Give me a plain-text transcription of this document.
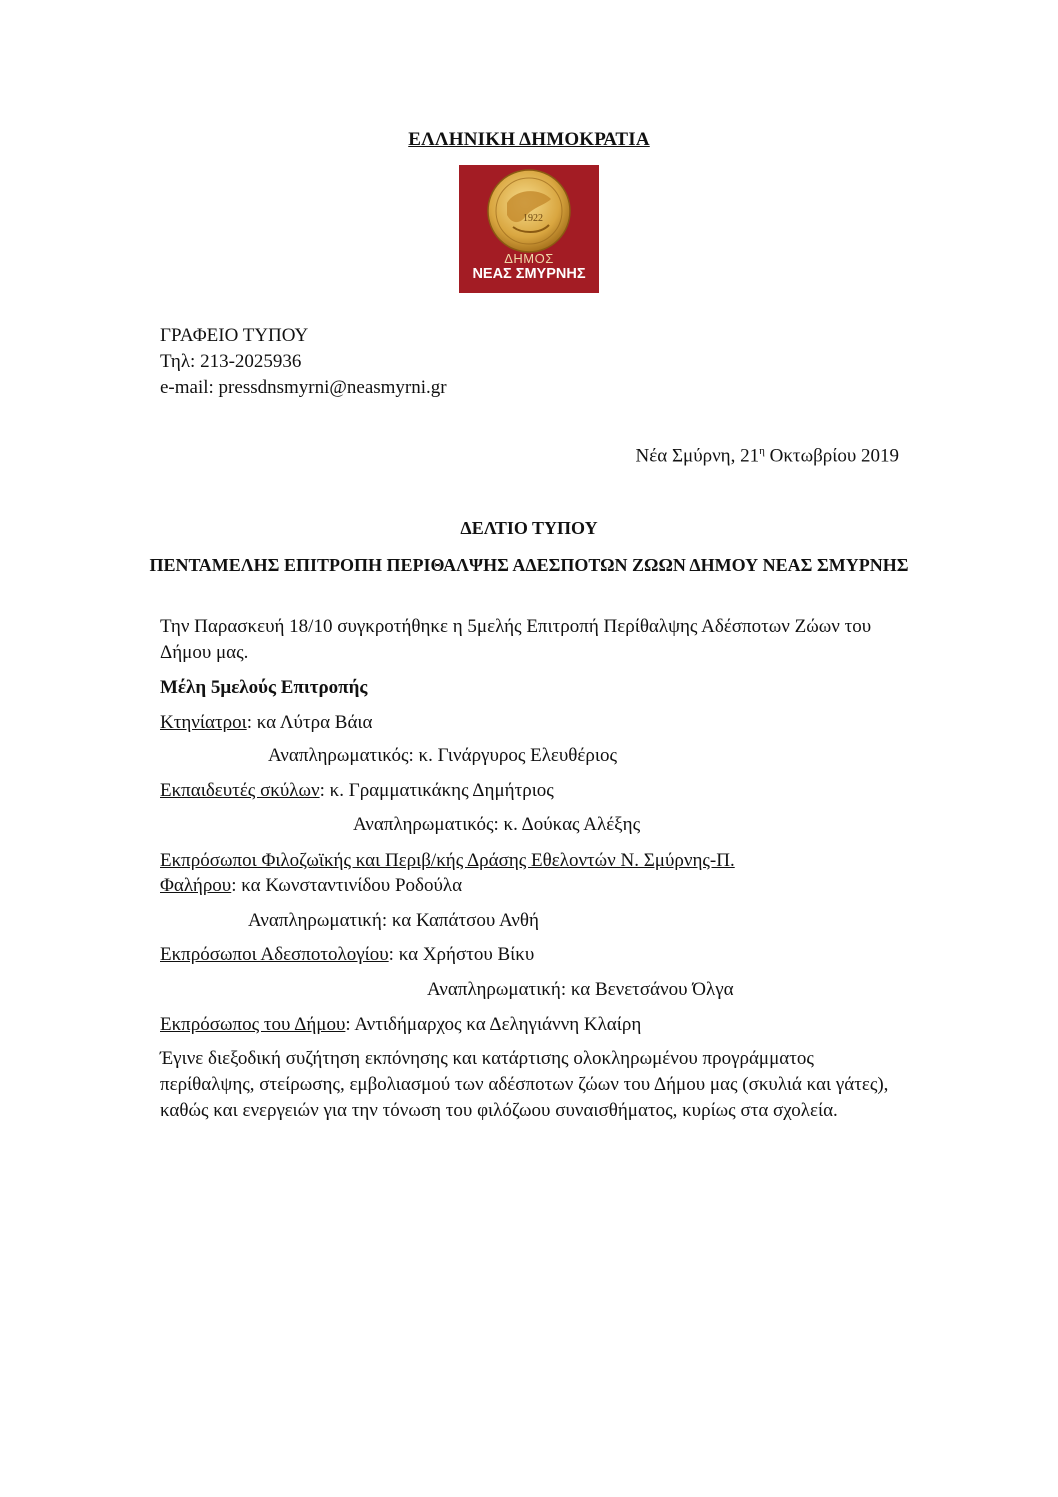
ΕΛΛΗΝΙΚΗ ΔΗΜΟΚΡΑΤΙΑ
1922
ΔΗΜΟΣ
ΝΕΑΣ ΣΜΥΡΝΗΣ
ΓΡΑΦΕΙΟ ΤΥΠΟΥ
Τηλ: 213-2025936
e-mail: pressdnsmyrni@neasmyrni.gr
Νέα Σμύρνη, $21^\eta$ Οκτωβρίου 2019
ΔΕΛΤΙΟ ΤΥΠΟΥ
ΠΕΝΤΑΜΕΛΗΣ ΕΠΙΤΡΟΠΗ ΠΕΡΙΘΑΛΨΗΣ ΑΔΕΣΠΟΤΩΝ ΖΩΩΝ ΔΗΜΟΥ ΝΕΑΣ ΣΜΥΡΝΗΣ

Την Παρασκευή 18/10 συγκροτήθηκε η 5μελής Επιτροπή Περίθαλψης Αδέσποτων Ζώων του Δήμου μας.

Μέλη 5μελούς Επιτροπής
Κτηνίατροι: κα Λύτρα Βάια
Αναπληρωματικός: κ. Γινάργυρος Ελευθέριος
Εκπαιδευτές σκύλων: κ. Γραμματικάκης Δημήτριος
Αναπληρωματικός: κ. Δούκας Αλέξης
Εκπρόσωποι Φιλοζωϊκής και Περιβ/κής Δράσης Εθελοντών Ν. Σμύρνης-Π.
Φαλήρου: κα Κωνσταντινίδου Ροδούλα
Αναπληρωματική: κα Καπάτσου Ανθή
Εκπρόσωποι Αδεσποτολογίου: κα Χρήστου Βίκυ
Αναπληρωματική: κα Βενετσάνου Όλγα
Εκπρόσωπος του Δήμου: Αντιδήμαρχος κα Δεληγιάννη Κλαίρη

Έγινε διεξοδική συζήτηση εκπόνησης και κατάρτισης ολοκληρωμένου προγράμματος περίθαλψης, στείρωσης, εμβολιασμού των αδέσποτων ζώων του Δήμου μας (σκυλιά και γάτες), καθώς και ενεργειών για την τόνωση του φιλόζωου συναισθήματος, κυρίως στα σχολεία.
